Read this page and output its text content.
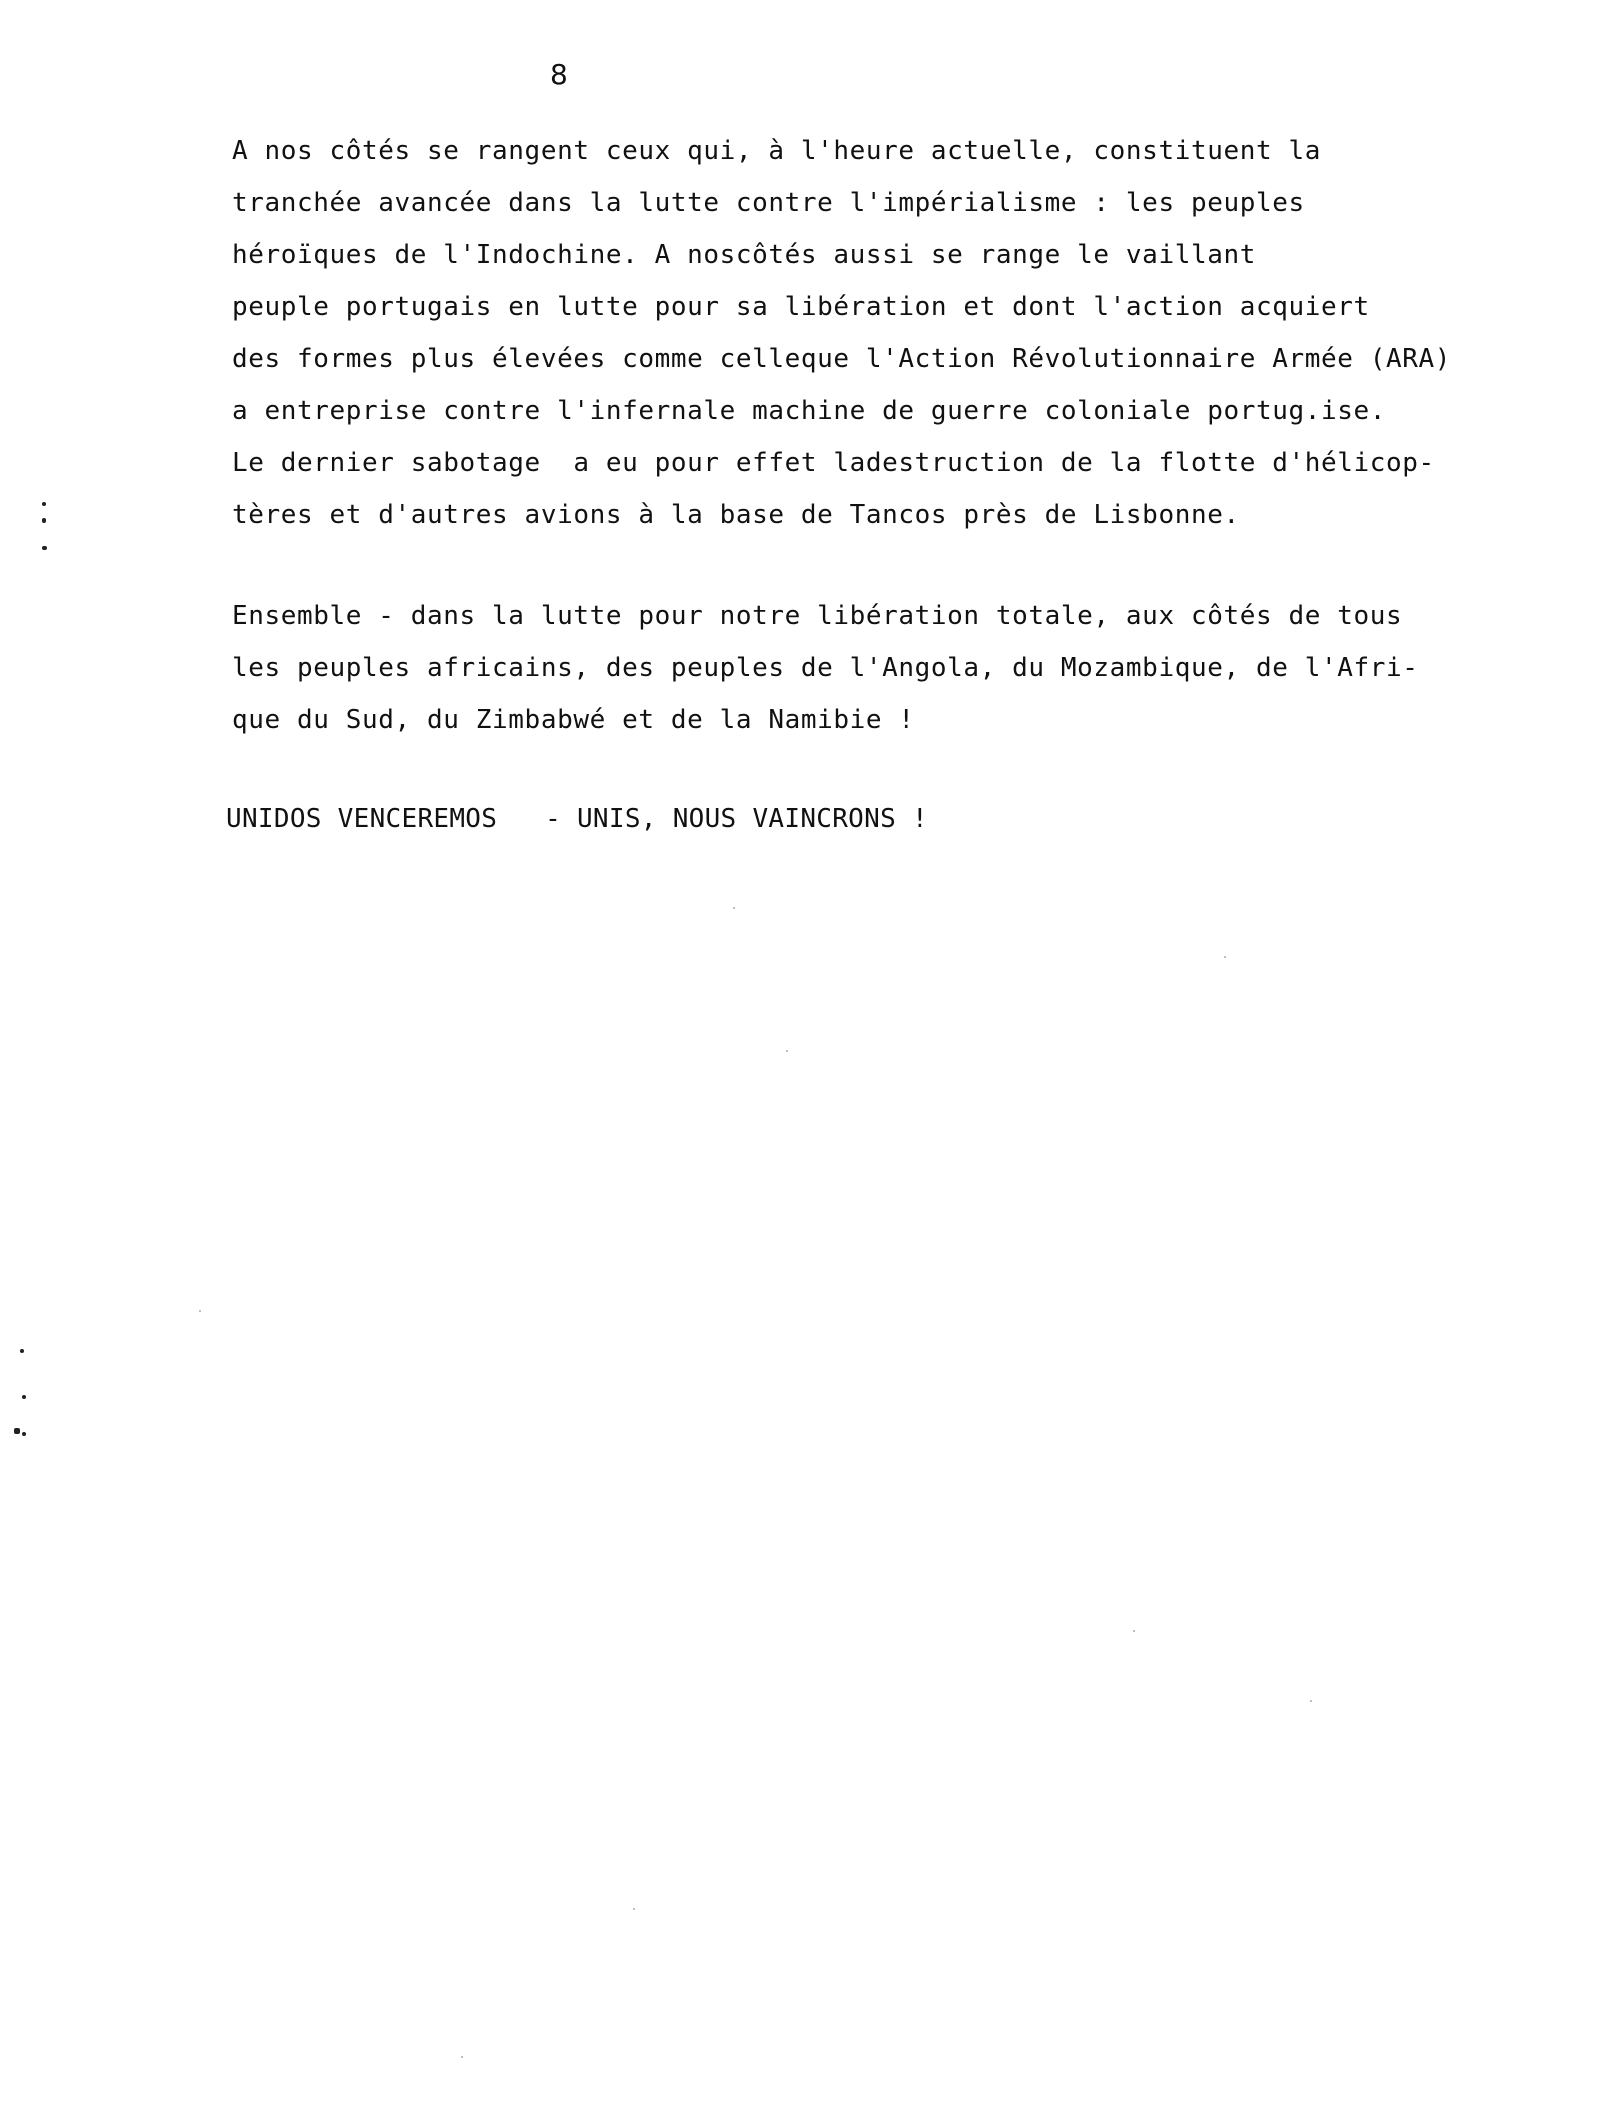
8
A nos côtés se rangent ceux qui, à l'heure actuelle, constituent la
tranchée avancée dans la lutte contre l'impérialisme : les peuples
héroïques de l'Indochine. A noscôtés aussi se range le vaillant
peuple portugais en lutte pour sa libération et dont l'action acquiert
des formes plus élevées comme celleque l'Action Révolutionnaire Armée (ARA)
a entreprise contre l'infernale machine de guerre coloniale portug.ise.
Le dernier sabotage  a eu pour effet ladestruction de la flotte d'hélicop-
tères et d'autres avions à la base de Tancos près de Lisbonne.
Ensemble - dans la lutte pour notre libération totale, aux côtés de tous
les peuples africains, des peuples de l'Angola, du Mozambique, de l'Afri-
que du Sud, du Zimbabwé et de la Namibie !
UNIDOS VENCEREMOS   - UNIS, NOUS VAINCRONS !
